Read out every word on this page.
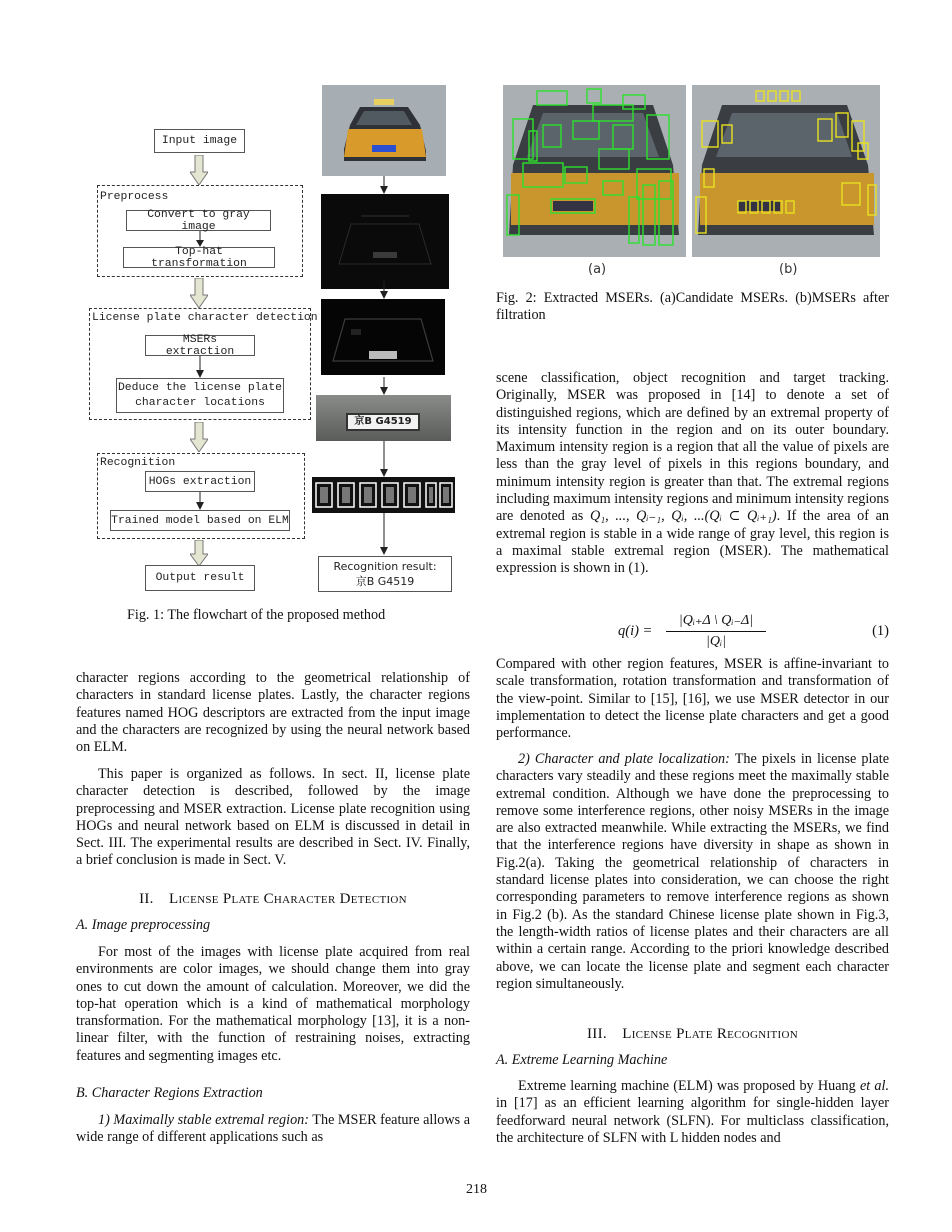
Input image
Preprocess
Convert to gray image
Top-hat transformation
License plate character detection
MSERs extraction
Deduce the license plate
character locations
Recognition
HOGs extraction
Trained model based on ELM
Output result
京B G4519
Recognition result:
京B G4519
Fig. 1: The flowchart of the proposed method
(a)	(b)
Fig. 2: Extracted MSERs. (a)Candidate MSERs. (b)MSERs after filtration

character regions according to the geometrical relationship of characters in standard license plates. Lastly, the character regions features named HOG descriptors are extracted from the input image and the characters are recognized by using the neural network based on ELM.

This paper is organized as follows. In sect. II, license plate character detection is described, followed by the image preprocessing and MSER extraction. License plate recognition using HOGs and neural network based on ELM is discussed in detail in Sect. III. The experimental results are described in Sect. IV. Finally, a brief conclusion is made in Sect. V.

II. License Plate Character Detection
A. Image preprocessing

For most of the images with license plate acquired from real environments are color images, we should change them into gray ones to cut down the amount of calculation. Moreover, we did the top-hat operation which is a kind of mathematical morphology transformation. For the mathematical morphology [13], it is a non-linear filter, with the function of restraining noises, extracting features and segmenting images etc.

B. Character Regions Extraction

1) Maximally stable extremal region: The MSER feature allows a wide range of different applications such as

scene classification, object recognition and target tracking. Originally, MSER was proposed in [14] to denote a set of distinguished regions, which are defined by an extremal property of its intensity function in the region and on its outer boundary. Maximum intensity region is a region that all the value of pixels are less than the gray level of pixels in this regions boundary, and minimum intensity region is greater than that. The extremal regions including maximum intensity regions and minimum intensity regions are denoted as Q₁, ..., Qᵢ₋₁, Qᵢ, ...(Qᵢ ⊂ Qᵢ₊₁). If the area of an extremal region is stable in a wide range of gray level, this region is a maximal stable extremal region (MSER). The mathematical expression is shown in (1).

$q(i) = \frac{\text{|Qᵢ₊Δ \textbackslash{} Qᵢ₋Δ|}}{\text{|Qᵢ|}}$	(1)

Compared with other region features, MSER is affine-invariant to scale transformation, rotation transformation and transformation of the view-point. Similar to [15], [16], we use MSER detector in our implementation to detect the license plate characters and get a good performance.

2) Character and plate localization: The pixels in license plate characters vary steadily and these regions meet the maximally stable extremal condition. Although we have done the preprocessing to remove some interference regions, other noisy MSERs in the image are also extracted meanwhile. While extracting the MSERs, we find that the interference regions have diversity in shape as shown in Fig.2(a). Taking the geometrical relationship of characters in standard license plates into consideration, we can choose the right corresponding parameters to remove interference regions as shown in Fig.2 (b). As the standard Chinese license plate shown in Fig.3, the length-width ratios of license plates and their characters are all within a certain range. According to the priori knowledge described above, we can locate the license plate and segment each character region simultaneously.

III. License Plate Recognition
A. Extreme Learning Machine

Extreme learning machine (ELM) was proposed by Huang et al. in [17] as an efficient learning algorithm for single-hidden layer feedforward neural network (SLFN). For multiclass classification, the architecture of SLFN with L hidden nodes and

218
